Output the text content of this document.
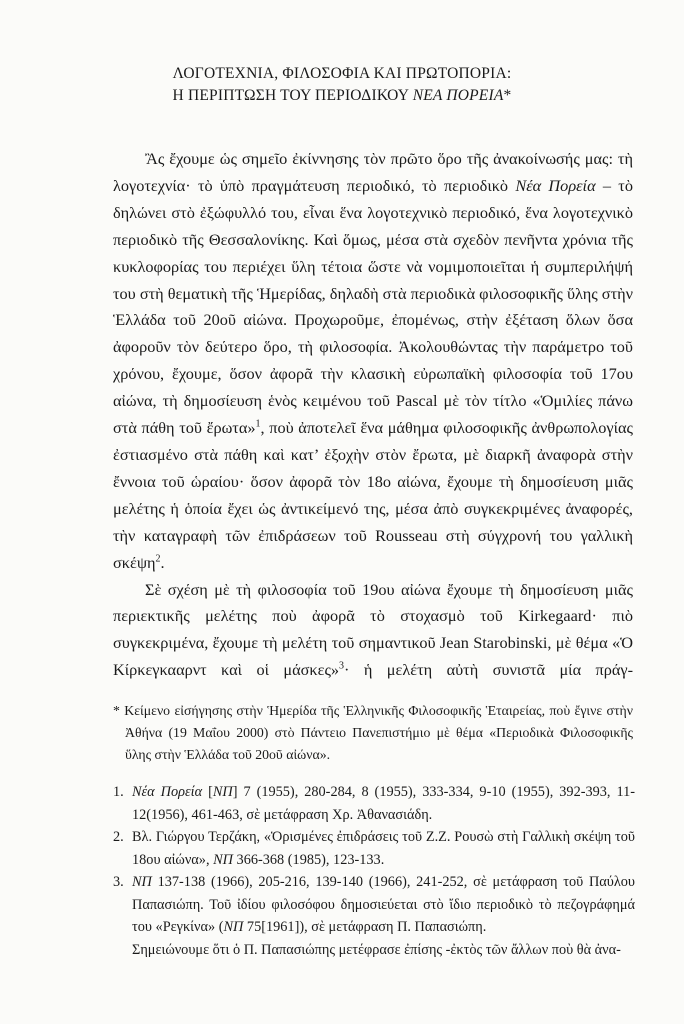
ΛΟΓΟΤΕΧΝΙΑ, ΦΙΛΟΣΟΦΙΑ ΚΑΙ ΠΡΩΤΟΠΟΡΙΑ:
Η ΠΕΡΙΠΤΩΣΗ ΤΟΥ ΠΕΡΙΟΔΙΚΟΥ ΝΕΑ ΠΟΡΕΙΑ*

Ἂς ἔχουμε ὡς σημεῖο ἐκίννησης τὸν πρῶτο ὅρο τῆς ἀνακοίνωσής μας: τὴ λογοτεχνία· τὸ ὑπὸ πραγμάτευση περιοδικό, τὸ περιοδικὸ Νέα Πορεία – τὸ δηλώνει στὸ ἐξώφυλλό του, εἶναι ἕνα λογοτεχνικὸ περιοδικό, ἕνα λογοτεχνικὸ περιοδικὸ τῆς Θεσσαλονίκης. Καὶ ὅμως, μέσα στὰ σχεδὸν πενῆντα χρόνια τῆς κυκλοφορίας του περιέχει ὕλη τέτοια ὥστε νὰ νομιμοποιεῖται ἡ συμπεριλήψή του στὴ θεματικὴ τῆς Ἡμερίδας, δηλαδὴ στὰ περιοδικὰ φιλοσοφικῆς ὕλης στὴν Ἑλλάδα τοῦ 20οῦ αἰώνα. Προχωροῦμε, ἐπομένως, στὴν ἐξέταση ὅλων ὅσα ἀφοροῦν τὸν δεύτερο ὅρο, τὴ φιλοσοφία. Ἀκολουθώντας τὴν παράμετρο τοῦ χρόνου, ἔχουμε, ὅσον ἀφορᾶ τὴν κλασικὴ εὐρωπαϊκὴ φιλοσοφία τοῦ 17ου αἰώνα, τὴ δημοσίευση ἑνὸς κειμένου τοῦ Pascal μὲ τὸν τίτλο «Ὁμιλίες πάνω στὰ πάθη τοῦ ἔρωτα»$^1$, ποὺ ἀποτελεῖ ἕνα μάθημα φιλοσοφικῆς ἀνθρωπολογίας ἐστιασμένο στὰ πάθη καὶ κατ’ ἐξοχὴν στὸν ἔρωτα, μὲ διαρκῆ ἀναφορὰ στὴν ἔννοια τοῦ ὡραίου· ὅσον ἀφορᾶ τὸν 18ο αἰώνα, ἔχουμε τὴ δημοσίευση μιᾶς μελέτης ἡ ὁποία ἔχει ὡς ἀντικείμενό της, μέσα ἀπὸ συγκεκριμένες ἀναφορές, τὴν καταγραφὴ τῶν ἐπιδράσεων τοῦ Rousseau στὴ σύγχρονή του γαλλικὴ σκέψη$^2$.

Σὲ σχέση μὲ τὴ φιλοσοφία τοῦ 19ου αἰώνα ἔχουμε τὴ δημοσίευση μιᾶς περιεκτικῆς μελέτης ποὺ ἀφορᾶ τὸ στοχασμὸ τοῦ Kirkegaard· πιὸ συγκεκριμένα, ἔχουμε τὴ μελέτη τοῦ σημαντικοῦ Jean Starobinski, μὲ θέμα «Ὁ Κίρκεγκααρντ καὶ οἱ μάσκες»$^3$· ἡ μελέτη αὐτὴ συνιστᾶ μία πράγ-

* Κείμενο εἰσήγησης στὴν Ἡμερίδα τῆς Ἑλληνικῆς Φιλοσοφικῆς Ἑταιρείας, ποὺ ἔγινε στὴν Ἀθήνα (19 Μαΐου 2000) στὸ Πάντειο Πανεπιστήμιο μὲ θέμα «Περιοδικὰ Φιλοσοφικῆς ὕλης στὴν Ἑλλάδα τοῦ 20οῦ αἰώνα».
1. Νέα Πορεία [ΝΠ] 7 (1955), 280-284, 8 (1955), 333-334, 9-10 (1955), 392-393, 11-12(1956), 461-463, σὲ μετάφραση Χρ. Ἀθανασιάδη.
2. Βλ. Γιώργου Τερζάκη, «Ὁρισμένες ἐπιδράσεις τοῦ Ζ.Ζ. Ρουσὼ στὴ Γαλλικὴ σκέψη τοῦ 18ου αἰώνα», ΝΠ 366-368 (1985), 123-133.
3. ΝΠ 137-138 (1966), 205-216, 139-140 (1966), 241-252, σὲ μετάφραση τοῦ Παύλου Παπασιώπη. Τοῦ ἰδίου φιλοσόφου δημοσιεύεται στὸ ἴδιο περιοδικὸ τὸ πεζογράφημά του «Ρεγκίνα» (ΝΠ 75[1961]), σὲ μετάφραση Π. Παπασιώπη.
Σημειώνουμε ὅτι ὁ Π. Παπασιώπης μετέφρασε ἐπίσης -ἐκτὸς τῶν ἄλλων ποὺ θὰ ἀνα-
